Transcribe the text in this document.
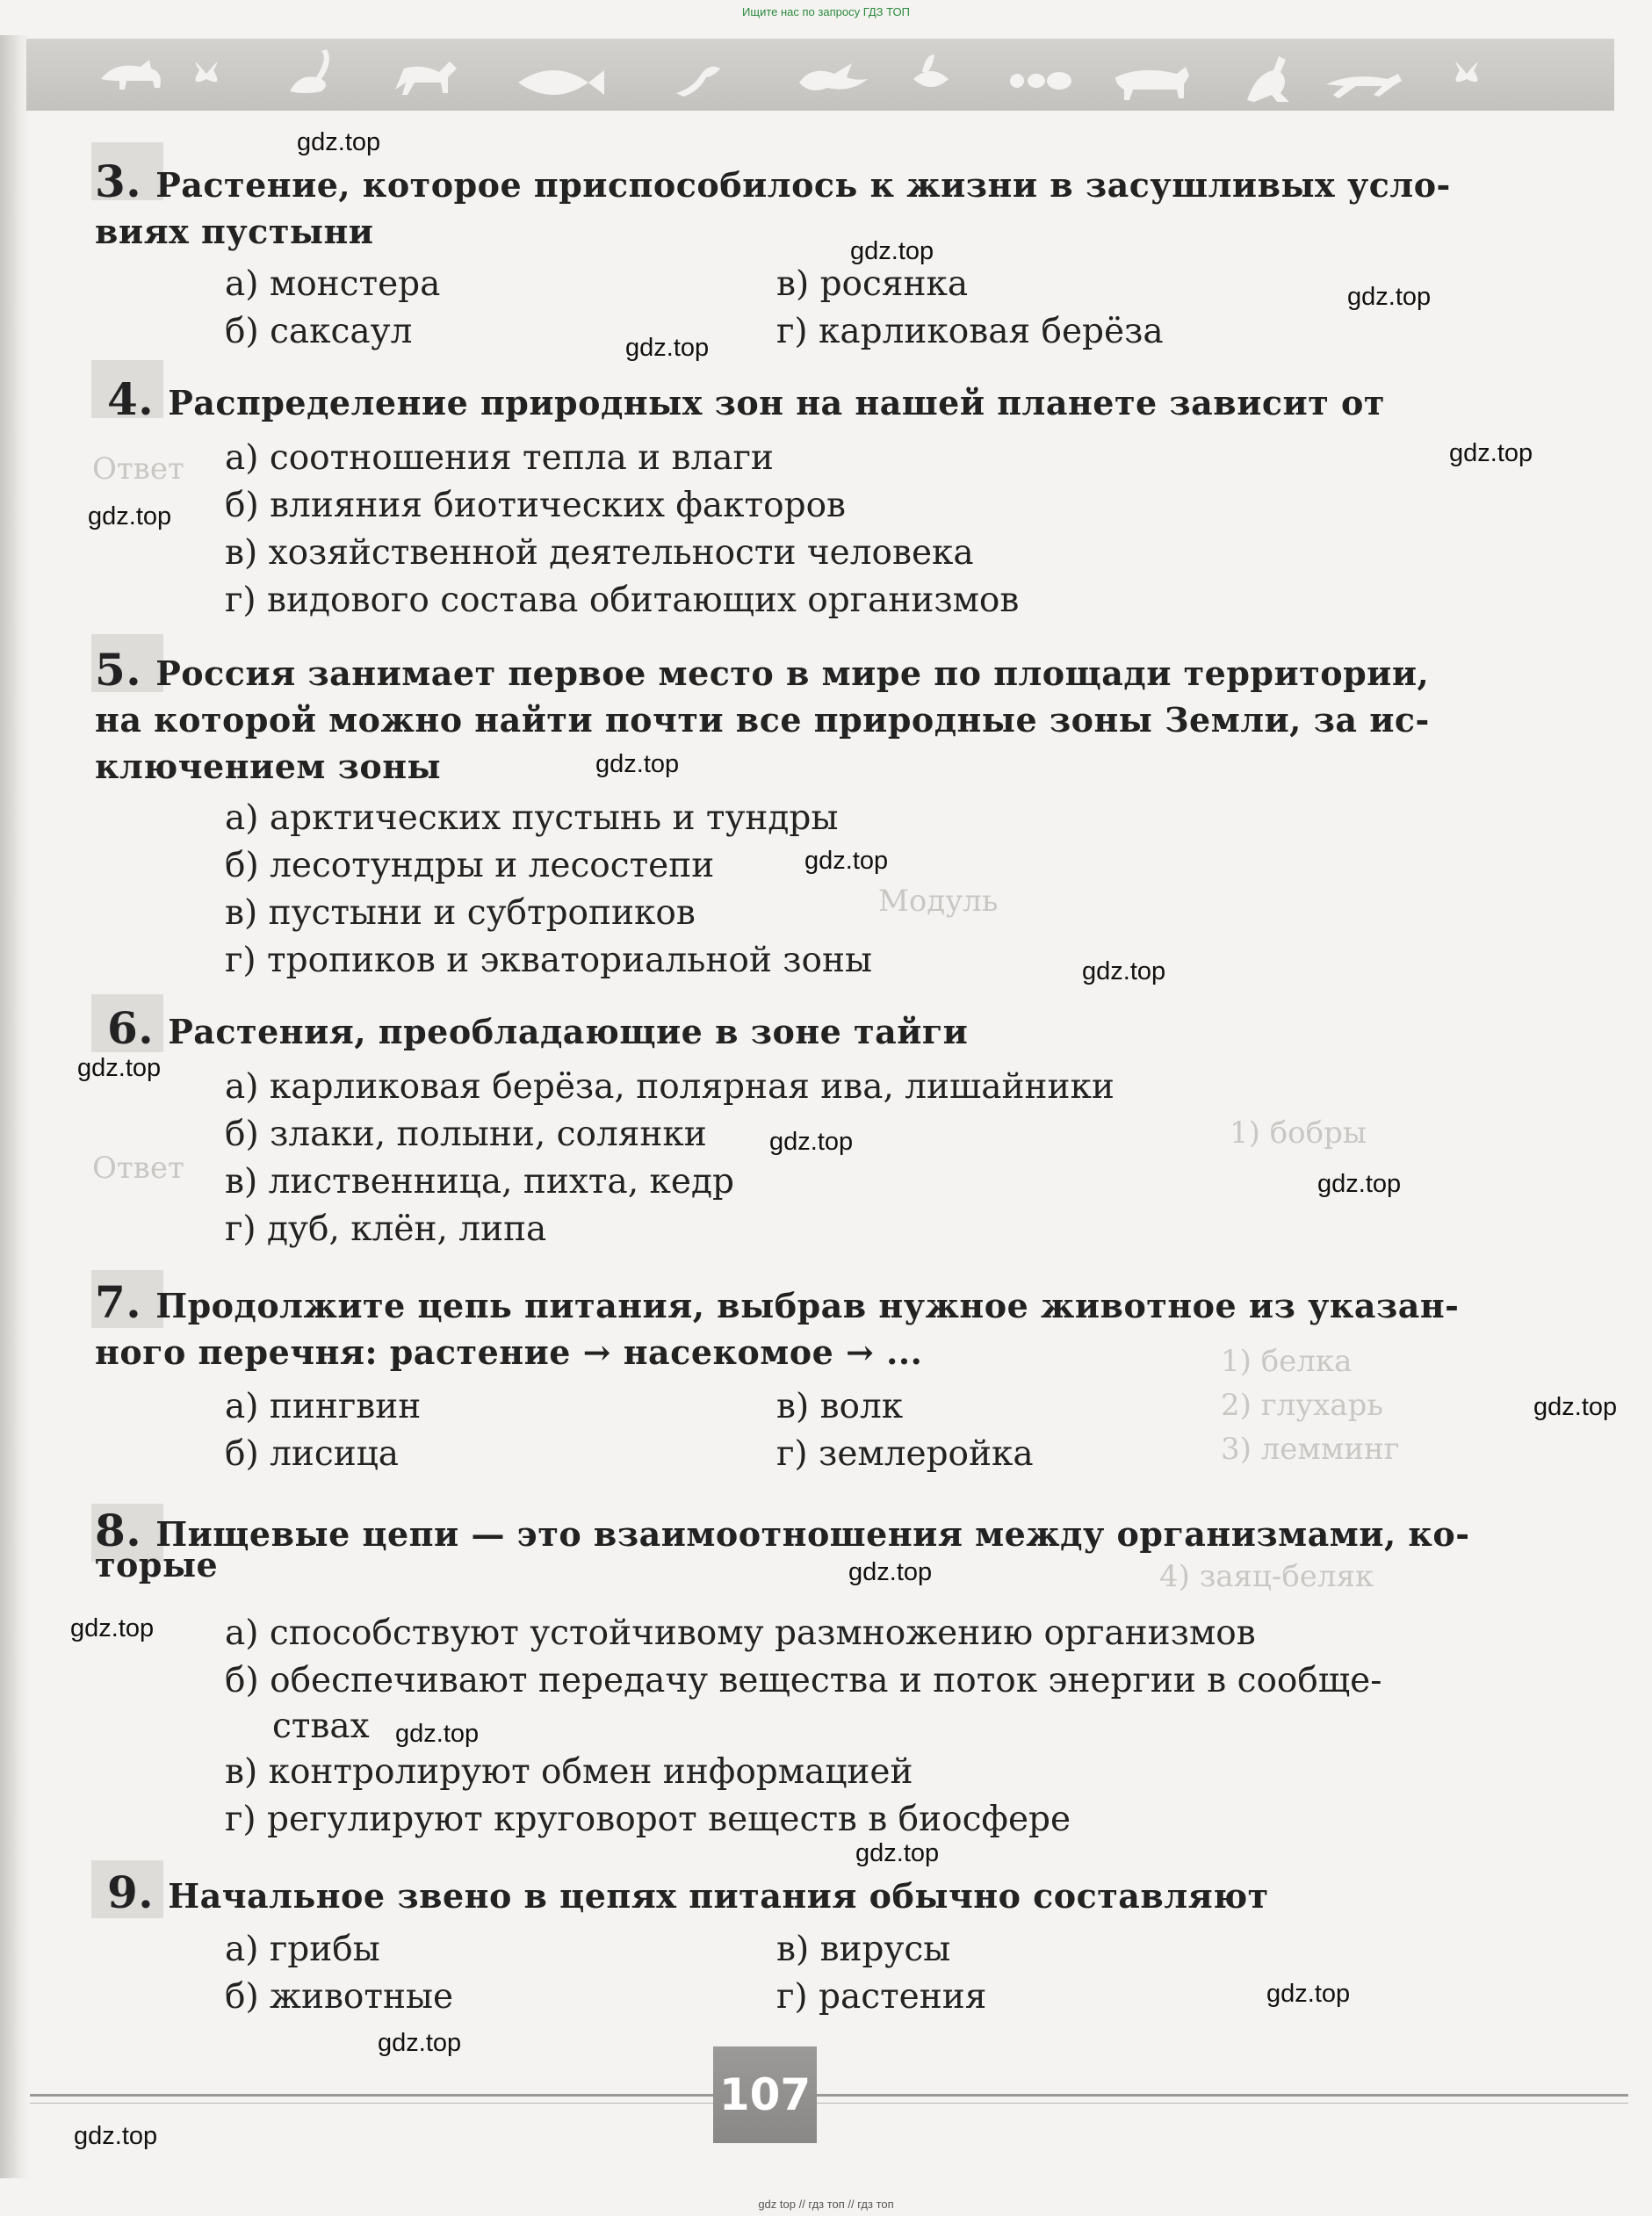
Ищите нас по запросу ГДЗ ТОП
Ответ
Модуль
4) заяц-беляк
1) белка
2) глухарь
3) лемминг
1) бобры
Ответ
3. Растение, которое приспособилось к жизни в засушливых усло-
виях пустыни
а) монстера
б) саксаул
в) росянка
г) карликовая берёза
4. Распределение природных зон на нашей планете зависит от
а) соотношения тепла и влаги
б) влияния биотических факторов
в) хозяйственной деятельности человека
г) видового состава обитающих организмов
5. Россия занимает первое место в мире по площади территории,
на которой можно найти почти все природные зоны Земли, за ис-
ключением зоны
а) арктических пустынь и тундры
б) лесотундры и лесостепи
в) пустыни и субтропиков
г) тропиков и экваториальной зоны
6. Растения, преобладающие в зоне тайги
а) карликовая берёза, полярная ива, лишайники
б) злаки, полыни, солянки
в) лиственница, пихта, кедр
г) дуб, клён, липа
7. Продолжите цепь питания, выбрав нужное животное из указан-
ного перечня: растение → насекомое → ...
а) пингвин
б) лисица
в) волк
г) землеройка
8. Пищевые цепи — это взаимоотношения между организмами, ко-
торые
а) способствуют устойчивому размножению организмов
б) обеспечивают передачу вещества и поток энергии в сообще-
ствах
в) контролируют обмен информацией
г) регулируют круговорот веществ в биосфере
9. Начальное звено в цепях питания обычно составляют
а) грибы
б) животные
в) вирусы
г) растения
gdz.top
gdz.top
gdz.top
gdz.top
gdz.top
gdz.top
gdz.top
gdz.top
gdz.top
gdz.top
gdz.top
gdz.top
gdz.top
gdz.top
gdz.top
gdz.top
gdz.top
gdz.top
gdz.top
gdz.top
107
gdz top // гдз топ // гдз топ
